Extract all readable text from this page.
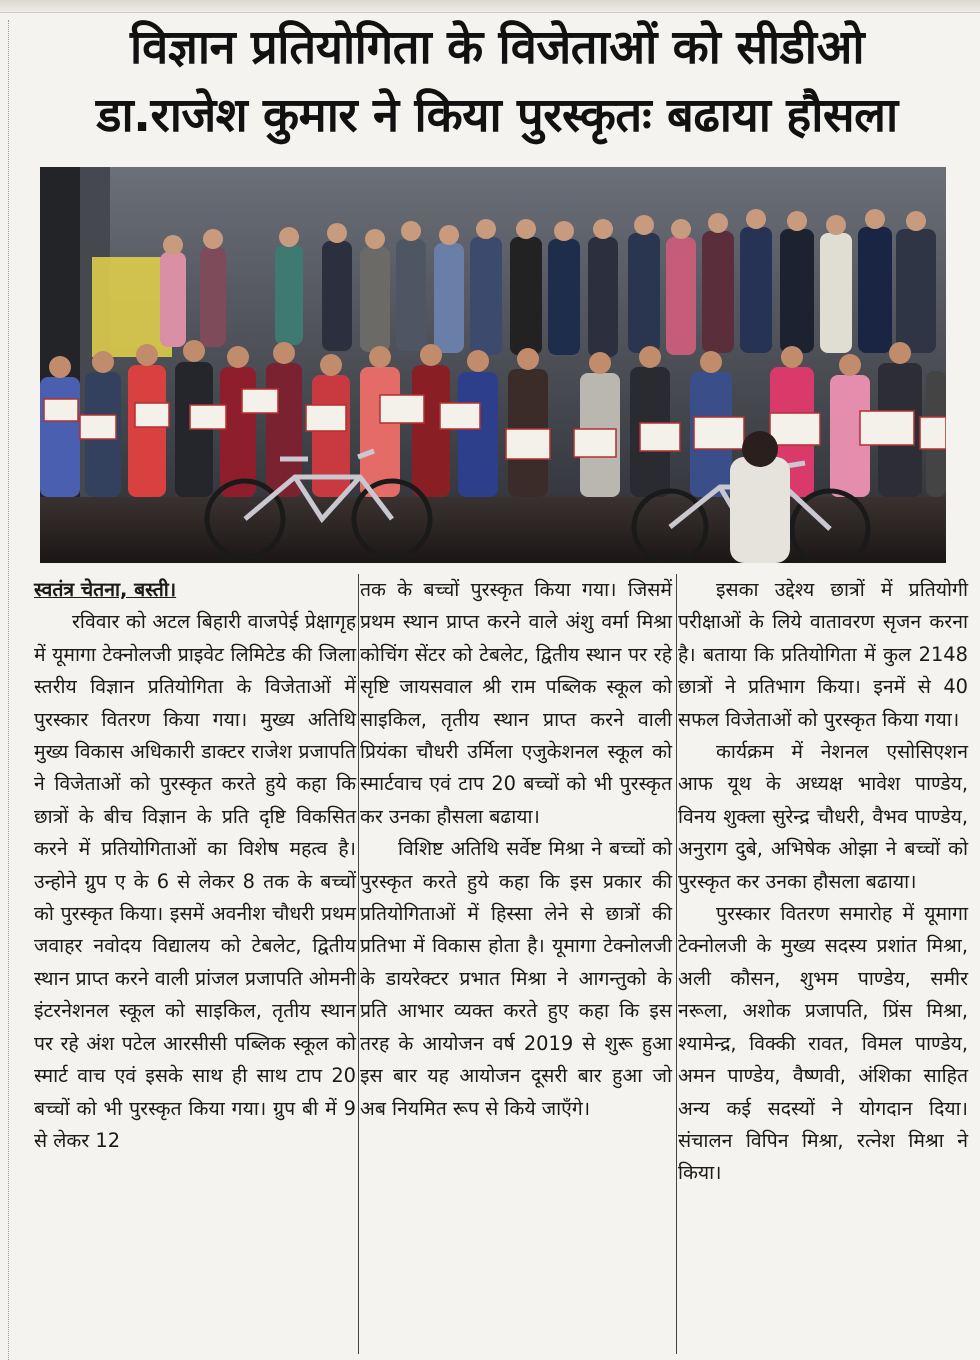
विज्ञान प्रतियोगिता के विजेताओं को सीडीओ
डा.राजेश कुमार ने किया पुरस्कृतः बढाया हौसला
स्वतंत्र चेतना, बस्ती।

रविवार को अटल बिहारी वाजपेई प्रेक्षागृह में यूमागा टेक्नोलजी प्राइवेट लिमिटेड की जिला स्तरीय विज्ञान प्रतियोगिता के विजेताओं में पुरस्कार वितरण किया गया। मुख्य अतिथि मुख्य विकास अधिकारी डाक्टर राजेश प्रजापति ने विजेताओं को पुरस्कृत करते हुये कहा कि छात्रों के बीच विज्ञान के प्रति दृष्टि विकसित करने में प्रतियोगिताओं का विशेष महत्व है। उन्होने ग्रुप ए के 6 से लेकर 8 तक के बच्चों को पुरस्कृत किया। इसमें अवनीश चौधरी प्रथम जवाहर नवोदय विद्यालय को टेबलेट, द्वितीय स्थान प्राप्त करने वाली प्रांजल प्रजापति ओमनी इंटरनेशनल स्कूल को साइकिल, तृतीय स्थान पर रहे अंश पटेल आरसीसी पब्लिक स्कूल को स्मार्ट वाच एवं इसके साथ ही साथ टाप 20 बच्चों को भी पुरस्कृत किया गया। ग्रुप बी में 9 से लेकर 12

तक के बच्चों पुरस्कृत किया गया। जिसमें प्रथम स्थान प्राप्त करने वाले अंशु वर्मा मिश्रा कोचिंग सेंटर को टेबलेट, द्वितीय स्थान पर रहे सृष्टि जायसवाल श्री राम पब्लिक स्कूल को साइकिल, तृतीय स्थान प्राप्त करने वाली प्रियंका चौधरी उर्मिला एजुकेशनल स्कूल को स्मार्टवाच एवं टाप 20 बच्चों को भी पुरस्कृत कर उनका हौसला बढाया।

विशिष्ट अतिथि सर्वेष्ट मिश्रा ने बच्चों को पुरस्कृत करते हुये कहा कि इस प्रकार की प्रतियोगिताओं में हिस्सा लेने से छात्रों की प्रतिभा में विकास होता है। यूमागा टेक्नोलजी के डायरेक्टर प्रभात मिश्रा ने आगन्तुको के प्रति आभार व्यक्त करते हुए कहा कि इस तरह के आयोजन वर्ष 2019 से शुरू हुआ इस बार यह आयोजन दूसरी बार हुआ जो अब नियमित रूप से किये जाएँगे।

इसका उद्देश्य छात्रों में प्रतियोगी परीक्षाओं के लिये वातावरण सृजन करना है। बताया कि प्रतियोगिता में कुल 2148 छात्रों ने प्रतिभाग किया। इनमें से 40 सफल विजेताओं को पुरस्कृत किया गया।

कार्यक्रम में नेशनल एसोसिएशन आफ यूथ के अध्यक्ष भावेश पाण्डेय, विनय शुक्ला सुरेन्द्र चौधरी, वैभव पाण्डेय, अनुराग दुबे, अभिषेक ओझा ने बच्चों को पुरस्कृत कर उनका हौसला बढाया।

पुरस्कार वितरण समारोह में यूमागा टेक्नोलजी के मुख्य सदस्य प्रशांत मिश्रा, अली कौसन, शुभम पाण्डेय, समीर नरूला, अशोक प्रजापति, प्रिंस मिश्रा, श्यामेन्द्र, विक्की रावत, विमल पाण्डेय, अमन पाण्डेय, वैष्णवी, अंशिका साहित अन्य कई सदस्यों ने योगदान दिया। संचालन विपिन मिश्रा, रत्नेश मिश्रा ने किया।
